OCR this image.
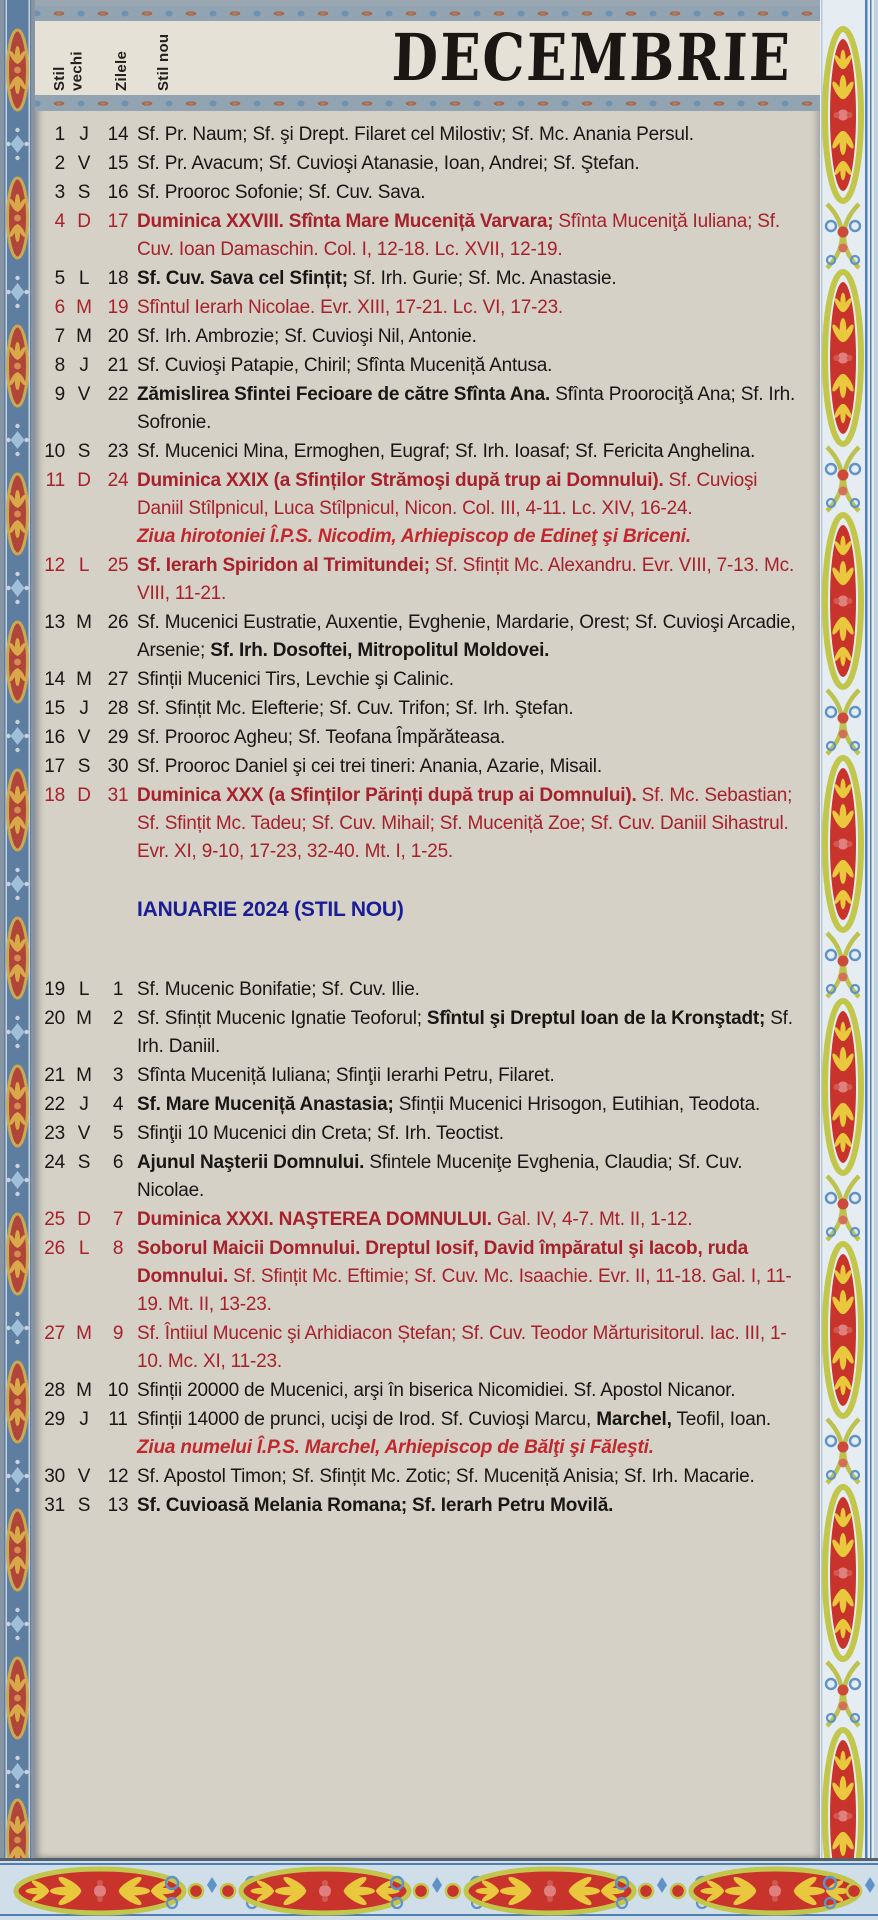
Stil vechi	Zilele	Stil nou	DECEMBRIE
1 J 14 Sf. Pr. Naum; Sf. şi Drept. Filaret cel Milostiv; Sf. Mc. Anania Persul.
2 V 15 Sf. Pr. Avacum; Sf. Cuvioşi Atanasie, Ioan, Andrei; Sf. Ştefan.
3 S 16 Sf. Prooroc Sofonie; Sf. Cuv. Sava.
4 D 17 Duminica XXVIII. Sfînta Mare Muceniță Varvara; Sfînta Muceniţă Iuliana; Sf. Cuv. Ioan Damaschin. Col. I, 12-18. Lc. XVII, 12-19.
5 L 18 Sf. Cuv. Sava cel Sfințit; Sf. Irh. Gurie; Sf. Mc. Anastasie.
6 M 19 Sfîntul Ierarh Nicolae. Evr. XIII, 17-21. Lc. VI, 17-23.
7 M 20 Sf. Irh. Ambrozie; Sf. Cuvioşi Nil, Antonie.
8 J 21 Sf. Cuvioşi Patapie, Chiril; Sfînta Muceniță Antusa.
9 V 22 Zămislirea Sfintei Fecioare de către Sfînta Ana. Sfînta Proorociţă Ana; Sf. Irh. Sofronie.
10 S 23 Sf. Mucenici Mina, Ermoghen, Eugraf; Sf. Irh. Ioasaf; Sf. Fericita Anghelina.
11 D 24 Duminica XXIX (a Sfinților Strămoşi după trup ai Domnului). Sf. Cuvioşi Daniil Stîlpnicul, Luca Stîlpnicul, Nicon. Col. III, 4-11. Lc. XIV, 16-24.
Ziua hirotoniei Î.P.S. Nicodim, Arhiepiscop de Edineţ şi Briceni.
12 L 25 Sf. Ierarh Spiridon al Trimitundei; Sf. Sfințit Mc. Alexandru. Evr. VIII, 7-13. Mc. VIII, 11-21.
13 M 26 Sf. Mucenici Eustratie, Auxentie, Evghenie, Mardarie, Orest; Sf. Cuvioşi Arcadie, Arsenie; Sf. Irh. Dosoftei, Mitropolitul Moldovei.
14 M 27 Sfinții Mucenici Tirs, Levchie şi Calinic.
15 J 28 Sf. Sfințit Mc. Elefterie; Sf. Cuv. Trifon; Sf. Irh. Ştefan.
16 V 29 Sf. Prooroc Agheu; Sf. Teofana Împărăteasa.
17 S 30 Sf. Prooroc Daniel şi cei trei tineri: Anania, Azarie, Misail.
18 D 31 Duminica XXX (a Sfinților Părinți după trup ai Domnului). Sf. Mc. Sebastian; Sf. Sfințit Mc. Tadeu; Sf. Cuv. Mihail; Sf. Muceniță Zoe; Sf. Cuv. Daniil Sihastrul. Evr. XI, 9-10, 17-23, 32-40. Mt. I, 1-25.
IANUARIE 2024 (STIL NOU)
19 L	1 Sf. Mucenic Bonifatie; Sf. Cuv. Ilie.
20 M	2 Sf. Sfințit Mucenic Ignatie Teoforul; Sfîntul şi Dreptul Ioan de la Kronştadt; Sf. Irh. Daniil.
21 M	3 Sfînta Muceniță Iuliana; Sfinţii Ierarhi Petru, Filaret.
22 J	4 Sf. Mare Muceniță Anastasia; Sfinții Mucenici Hrisogon, Eutihian, Teodota.
23 V	5 Sfinţii 10 Mucenici din Creta; Sf. Irh. Teoctist.
24 S	6 Ajunul Naşterii Domnului. Sfintele Muceniţe Evghenia, Claudia; Sf. Cuv. Nicolae.
25 D	7 Duminica XXXI. NAŞTEREA DOMNULUI. Gal. IV, 4-7. Mt. II, 1-12.
26 L	8 Soborul Maicii Domnului. Dreptul Iosif, David împăratul şi Iacob, ruda Domnului. Sf. Sfințit Mc. Eftimie; Sf. Cuv. Mc. Isaachie. Evr. II, 11-18. Gal. I, 11-19. Mt. II, 13-23.
27 M	9 Sf. Întiiul Mucenic şi Arhidiacon Ștefan; Sf. Cuv. Teodor Mărturisitorul. Iac. III, 1-10. Mc. XI, 11-23.
28 M 10 Sfinții 20000 de Mucenici, arşi în biserica Nicomidiei. Sf. Apostol Nicanor.
29 J	11 Sfinții 14000 de prunci, ucişi de Irod. Sf. Cuvioşi Marcu, Marchel, Teofil, Ioan.
Ziua numelui Î.P.S. Marchel, Arhiepiscop de Bălţi şi Făleşti.
30 V 12 Sf. Apostol Timon; Sf. Sfințit Mc. Zotic; Sf. Muceniță Anisia; Sf. Irh. Macarie.
31 S 13 Sf. Cuvioasă Melania Romana; Sf. Ierarh Petru Movilă.
